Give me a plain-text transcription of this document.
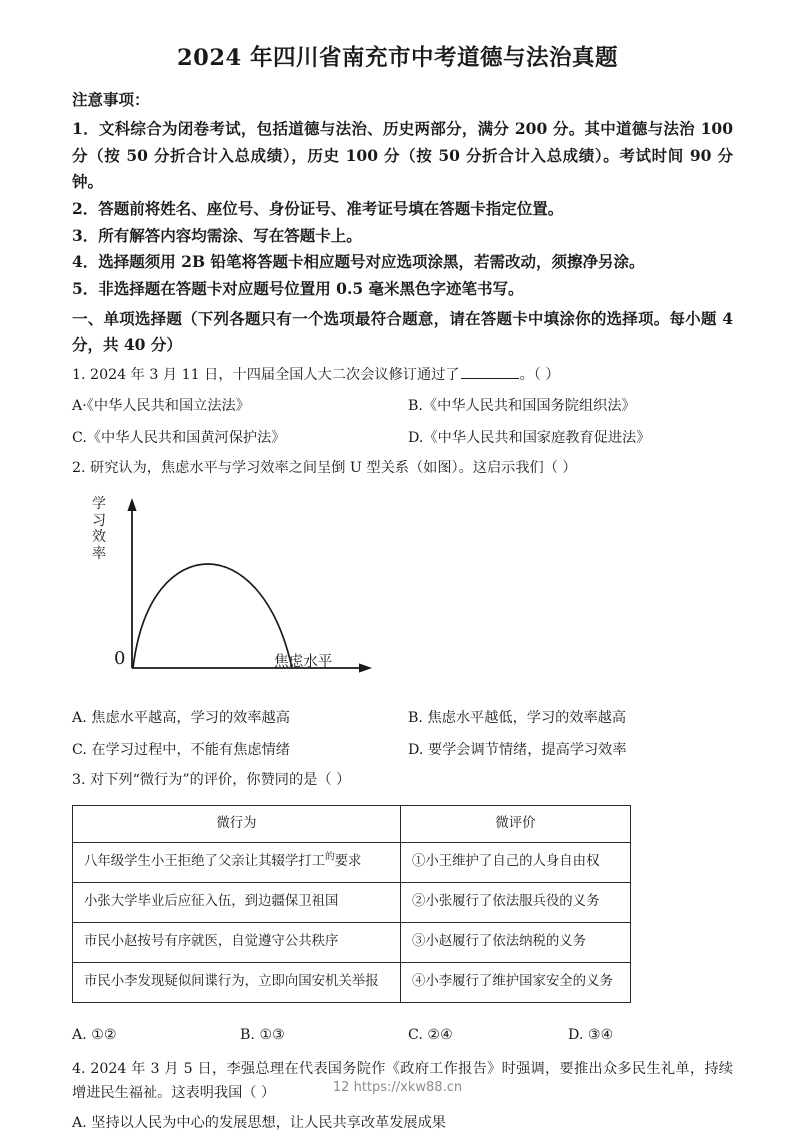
2024 年四川省南充市中考道德与法治真题

注意事项：

1．文科综合为闭卷考试，包括道德与法治、历史两部分，满分 200 分。其中道德与法治 100 分（按 50 分折合计入总成绩），历史 100 分（按 50 分折合计入总成绩）。考试时间 90 分钟。

2．答题前将姓名、座位号、身份证号、准考证号填在答题卡指定位置。

3．所有解答内容均需涂、写在答题卡上。

4．选择题须用 2B 铅笔将答题卡相应题号对应选项涂黑，若需改动，须擦净另涂。

5．非选择题在答题卡对应题号位置用 0.5 毫米黑色字迹笔书写。

一、单项选择题（下列各题只有一个选项最符合题意，请在答题卡中填涂你的选择项。每小题 4 分，共 40 分）

1. 2024 年 3 月 11 日，十四届全国人大二次会议修订通过了	。（ ）

A·《中华人民共和国立法法》	B.《中华人民共和国国务院组织法》
C.《中华人民共和国黄河保护法》	D.《中华人民共和国家庭教育促进法》

2. 研究认为，焦虑水平与学习效率之间呈倒 U 型关系（如图）。这启示我们（ ）

学
习
效
率
0	焦虑水平
A. 焦虑水平越高，学习的效率越高	B. 焦虑水平越低，学习的效率越高
C. 在学习过程中，不能有焦虑情绪	D. 要学会调节情绪，提高学习效率

3. 对下列“微行为”的评价，你赞同的是（ ）

微行为	微评价
八年级学生小王拒绝了父亲让其辍学打工$^的$要求	①小王维护了自己的人身自由权
小张大学毕业后应征入伍，到边疆保卫祖国	②小张履行了依法服兵役的义务
市民小赵按号有序就医，自觉遵守公共秩序	③小赵履行了依法纳税的义务
市民小李发现疑似间谍行为，立即向国安机关举报	④小李履行了维护国家安全的义务
A. ①②	B. ①③	C. ②④	D. ③④

4. 2024 年 3 月 5 日，李强总理在代表国务院作《政府工作报告》时强调，要推出众多民生礼单，持续增进民生福祉。这表明我国（ ）

A. 坚持以人民为中心的发展思想，让人民共享改革发展成果
12 https://xkw88.cn
